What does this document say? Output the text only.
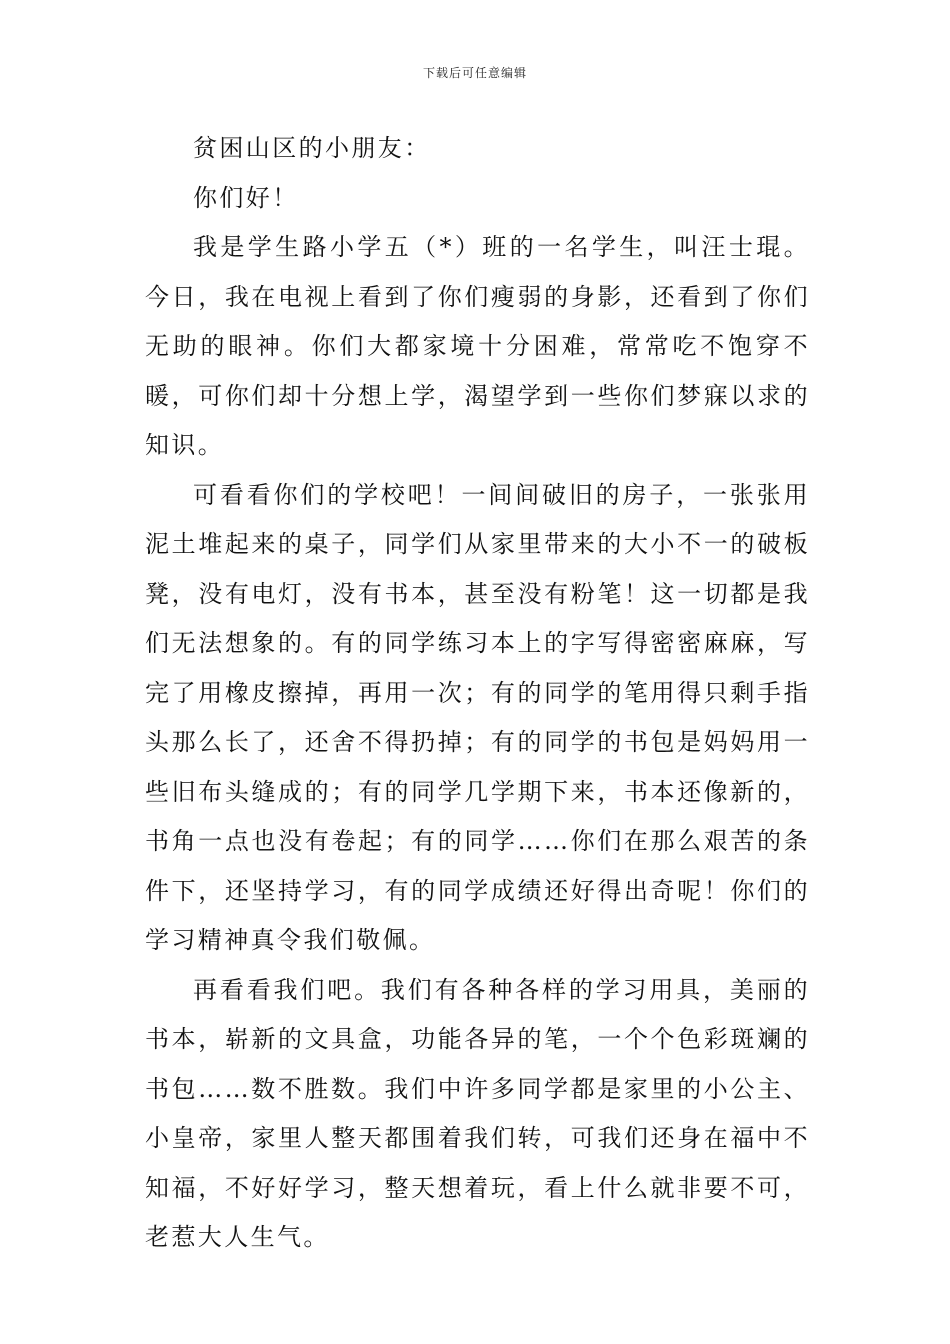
下载后可任意编辑

贫困山区的小朋友：

你们好！

我是学生路小学五（*）班的一名学生，叫汪士琨。今日，我在电视上看到了你们瘦弱的身影，还看到了你们无助的眼神。你们大都家境十分困难，常常吃不饱穿不暖，可你们却十分想上学，渴望学到一些你们梦寐以求的知识。

可看看你们的学校吧！一间间破旧的房子，一张张用泥土堆起来的桌子，同学们从家里带来的大小不一的破板凳，没有电灯，没有书本，甚至没有粉笔！这一切都是我们无法想象的。有的同学练习本上的字写得密密麻麻，写完了用橡皮擦掉，再用一次；有的同学的笔用得只剩手指头那么长了，还舍不得扔掉；有的同学的书包是妈妈用一些旧布头缝成的；有的同学几学期下来，书本还像新的，书角一点也没有卷起；有的同学……你们在那么艰苦的条件下，还坚持学习，有的同学成绩还好得出奇呢！你们的学习精神真令我们敬佩。

再看看我们吧。我们有各种各样的学习用具，美丽的书本，崭新的文具盒，功能各异的笔，一个个色彩斑斓的书包……数不胜数。我们中许多同学都是家里的小公主、小皇帝，家里人整天都围着我们转，可我们还身在福中不知福，不好好学习，整天想着玩，看上什么就非要不可，老惹大人生气。
